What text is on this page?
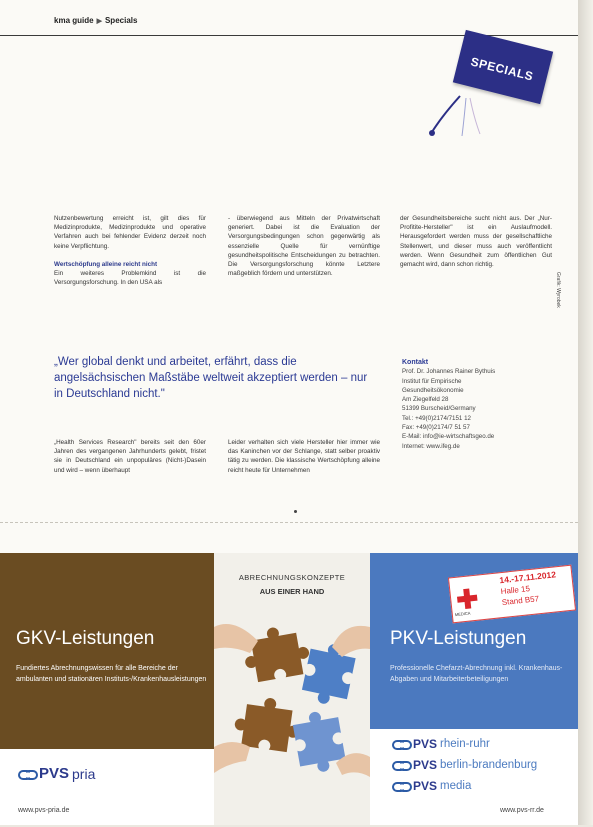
kma guide ▶ Specials
SPECIALS

Nutzenbewertung erreicht ist, gilt dies für Medizinprodukte, Medizinprodukte und operative Verfahren auch bei fehlender Evidenz derzeit noch keine Verpflichtung.

Wertschöpfung alleine reicht nicht

Ein weiteres Problemkind ist die Versorgungsforschung. In den USA als

- überwiegend aus Mitteln der Privatwirtschaft generiert. Dabei ist die Evaluation der Versorgungsbedingungen schon gegenwärtig als essenzielle Quelle für vernünftige gesundheitspolitische Entscheidungen zu betrachten. Die Versorgungsforschung könnte Letztere maßgeblich fördern und unterstützen.

der Gesundheitsbereiche sucht nicht aus. Der „Nur-Profitite-Hersteller" ist ein Auslaufmodell. Herausgefordert werden muss der gesellschaftliche Stellenwert, und dieser muss auch veröffentlicht werden. Wenn Gesundheit zum öffentlichen Gut gemacht wird, dann schon richtig.

Grafik: Wyrobek
„Wer global denkt und arbeitet, erfährt, dass die angelsächsischen Maßstäbe weltweit akzeptiert werden – nur in Deutschland nicht."
Kontakt
Prof. Dr. Johannes Rainer Bythuis
Institut für Empirische
Gesundheitsökonomie
Am Ziegelfeld 28
51399 Burscheid/Germany
Tel.: +49(0)2174/7151 12
Fax: +49(0)2174/7 51 57
E-Mail: info@ie-wirtschaftsgeo.de
Internet: www.ifeg.de

„Health Services Research" bereits seit den 60er Jahren des vergangenen Jahrhunderts gelebt, fristet sie in Deutschland ein unpopuläres (Nicht-)Dasein und wird – wenn überhaupt

Leider verhalten sich viele Hersteller hier immer wie das Kaninchen vor der Schlange, statt selber proaktiv tätig zu werden. Die klassische Wertschöpfung alleine reicht heute für Unternehmen

ABRECHNUNGSKONZEPTE
AUS EINER HAND
GKV-Leistungen
Fundiertes Abrechnungswissen für alle Bereiche der ambulanten und stationären Instituts-/Krankenhausleistungen
PKV-Leistungen
Professionelle Chefarzt-Abrechnung inkl. Krankenhaus-Abgaben und Mitarbeiterbeteiligungen
MEDICA
14.-17.11.2012
Halle 15
Stand B57
PVS pria
www.pvs-pria.de
PVS rhein-ruhr
PVS berlin-brandenburg
PVS media
www.pvs-rr.de
